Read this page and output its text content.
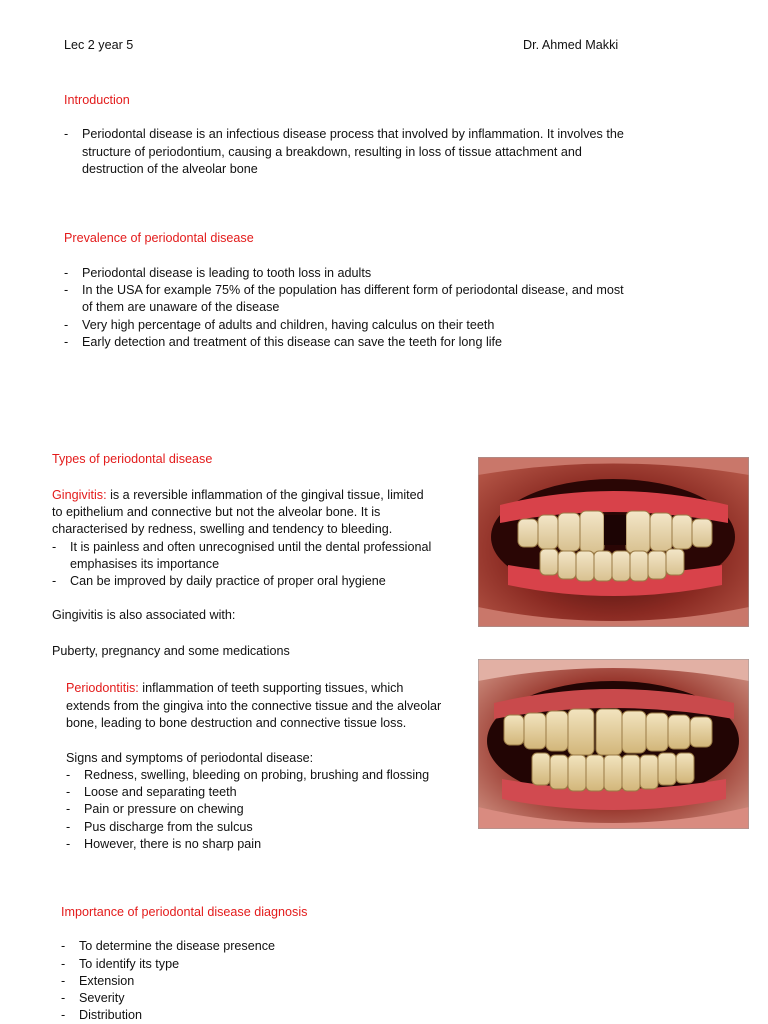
Lec 2 year 5	Dr. Ahmed Makki
Introduction
- Periodontal disease is an infectious disease process that involved by inflammation. It involves the
structure of periodontium, causing a breakdown, resulting in loss of tissue attachment and
destruction of the alveolar bone
Prevalence of periodontal disease
- Periodontal disease is leading to tooth loss in adults
- In the USA for example 75% of the population has different form of periodontal disease, and most
of them are unaware of the disease
- Very high percentage of adults and children, having calculus on their teeth
- Early detection and treatment of this disease can save the teeth for long life
Types of periodontal disease
Gingivitis: is a reversible inflammation of the gingival tissue, limited
to epithelium and connective but not the alveolar bone. It is
characterised by redness, swelling and tendency to bleeding.
- It is painless and often unrecognised until the dental professional
emphasises its importance
- Can be improved by daily practice of proper oral hygiene
Gingivitis is also associated with:
Puberty, pregnancy and some medications
Periodontitis: inflammation of teeth supporting tissues, which
extends from the gingiva into the connective tissue and the alveolar
bone, leading to bone destruction and connective tissue loss.
Signs and symptoms of periodontal disease:
- Redness, swelling, bleeding on probing, brushing and flossing
- Loose and separating teeth
- Pain or pressure on chewing
- Pus discharge from the sulcus
- However, there is no sharp pain
Importance of periodontal disease diagnosis
- To determine the disease presence
- To identify its type
- Extension
- Severity
- Distribution
